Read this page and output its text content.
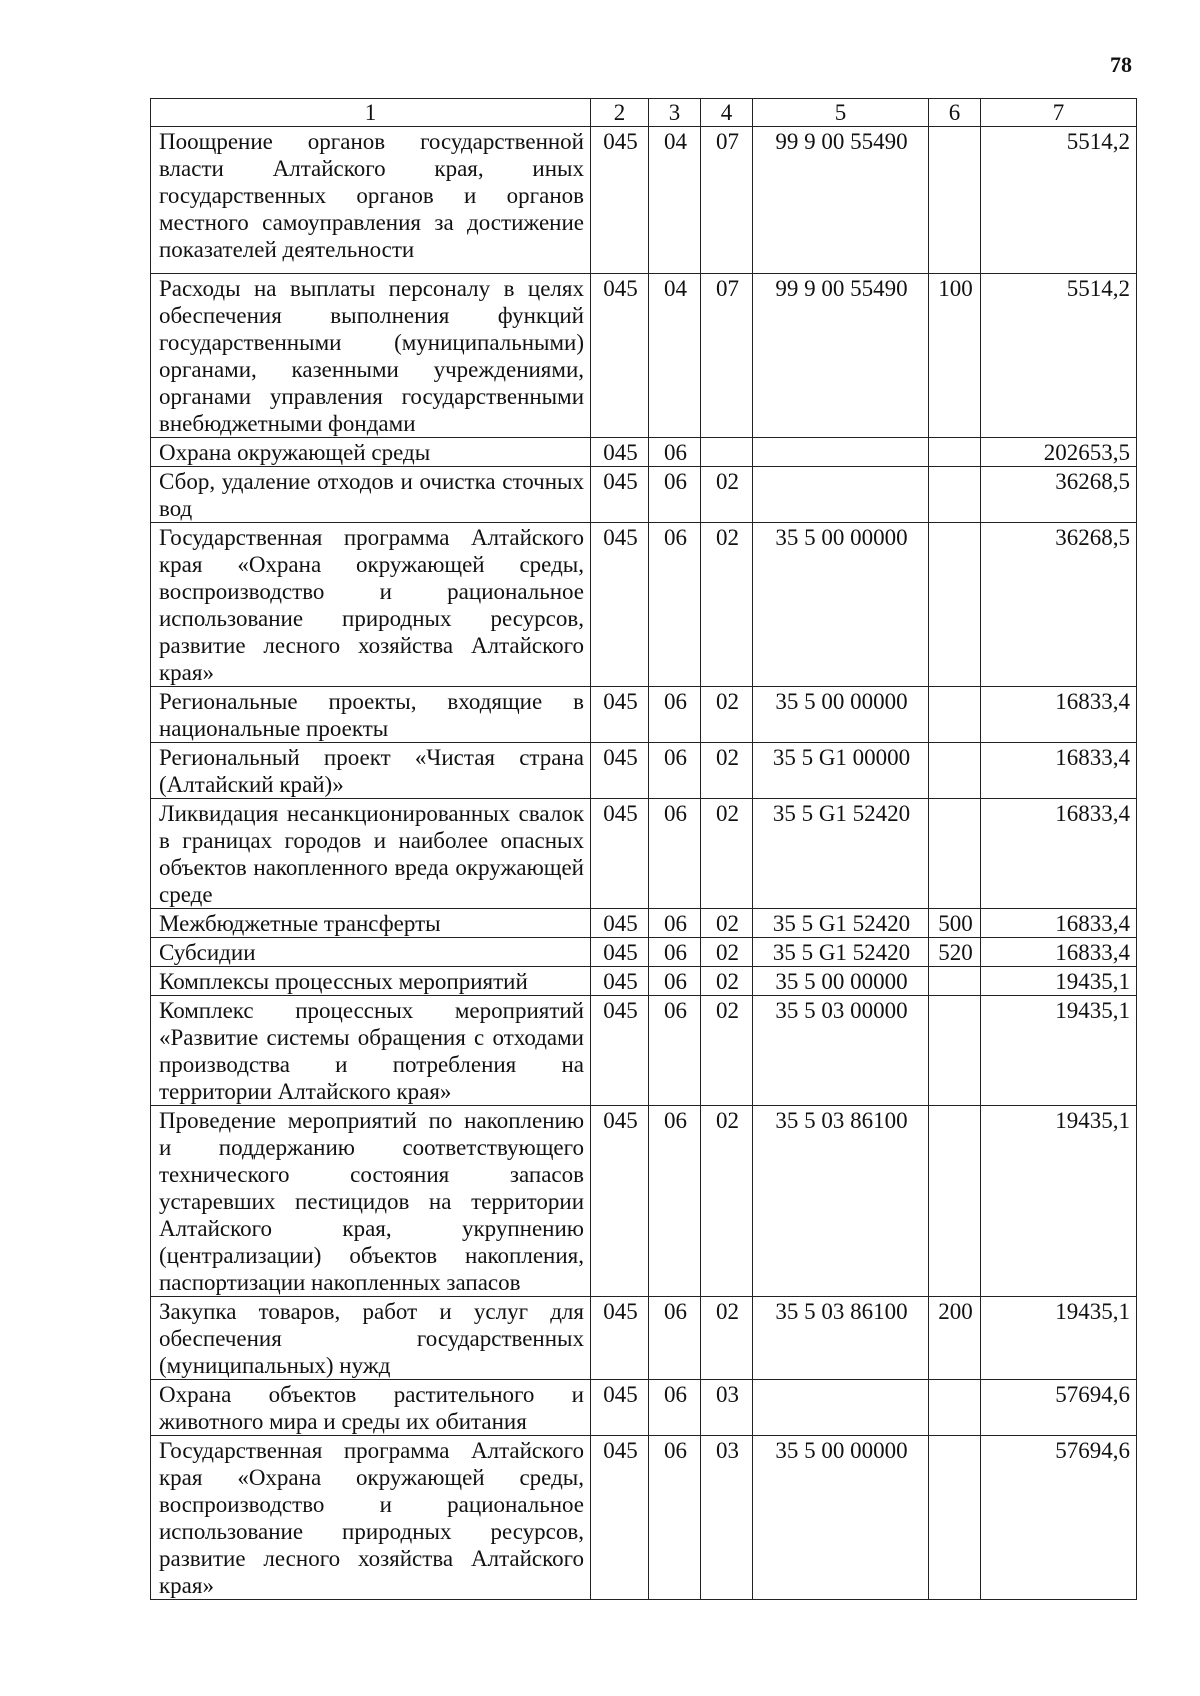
78
1	2	3	4	5	6	7
Поощрение органов государственной власти Алтайского края, иных государственных органов и органов местного самоуправления за достижение показателей деятельности	045	04	07	99 9 00 55490		5514,2
Расходы на выплаты персоналу в целях обеспечения выполнения функций государственными (муниципальными) органами, казенными учреждениями, органами управления государственными внебюджетными фондами	045	04	07	99 9 00 55490	100	5514,2
Охрана окружающей среды	045	06				202653,5
Сбор, удаление отходов и очистка сточных вод	045	06	02			36268,5
Государственная программа Алтайского края «Охрана окружающей среды, воспроизводство и рациональное использование природных ресурсов, развитие лесного хозяйства Алтайского края»	045	06	02	35 5 00 00000		36268,5
Региональные проекты, входящие в национальные проекты	045	06	02	35 5 00 00000		16833,4
Региональный проект «Чистая страна (Алтайский край)»	045	06	02	35 5 G1 00000		16833,4
Ликвидация несанкционированных свалок в границах городов и наиболее опасных объектов накопленного вреда окружающей среде	045	06	02	35 5 G1 52420		16833,4
Межбюджетные трансферты	045	06	02	35 5 G1 52420	500	16833,4
Субсидии	045	06	02	35 5 G1 52420	520	16833,4
Комплексы процессных мероприятий	045	06	02	35 5 00 00000		19435,1
Комплекс процессных мероприятий «Развитие системы обращения с отходами производства и потребления на территории Алтайского края»	045	06	02	35 5 03 00000		19435,1
Проведение мероприятий по накоплению и поддержанию соответствующего технического состояния запасов устаревших пестицидов на территории Алтайского края, укрупнению (централизации) объектов накопления, паспортизации накопленных запасов	045	06	02	35 5 03 86100		19435,1
Закупка товаров, работ и услуг для обеспечения государственных (муниципальных) нужд	045	06	02	35 5 03 86100	200	19435,1
Охрана объектов растительного и животного мира и среды их обитания	045	06	03			57694,6
Государственная программа Алтайского края «Охрана окружающей среды, воспроизводство и рациональное использование природных ресурсов, развитие лесного хозяйства Алтайского края»	045	06	03	35 5 00 00000		57694,6
